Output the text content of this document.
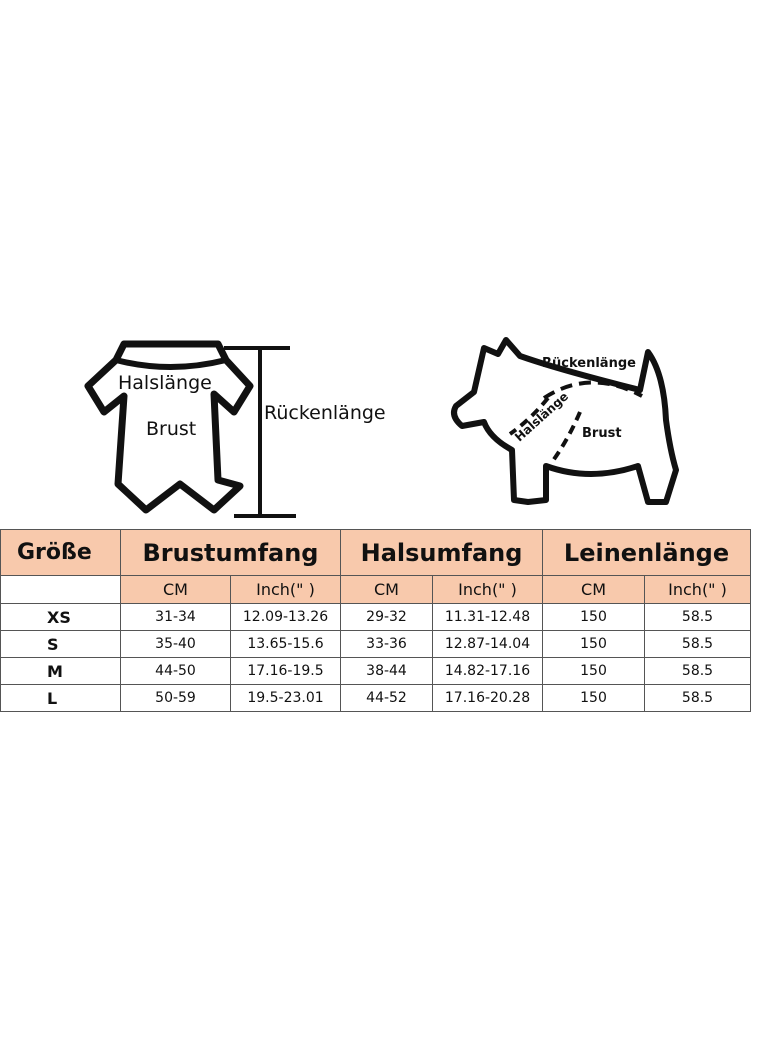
Halslänge
Brust
Rückenlänge
Rückenlänge
Halslänge Brust
Größe	Brustumfang		Halsumfang		Leinenlänge	
	CM	Inch(" )	CM	Inch(" )	CM	Inch(" )
XS	31-34	12.09-13.26	29-32	11.31-12.48	150	58.5
S	35-40	13.65-15.6	33-36	12.87-14.04	150	58.5
M	44-50	17.16-19.5	38-44	14.82-17.16	150	58.5
L	50-59	19.5-23.01	44-52	17.16-20.28	150	58.5
